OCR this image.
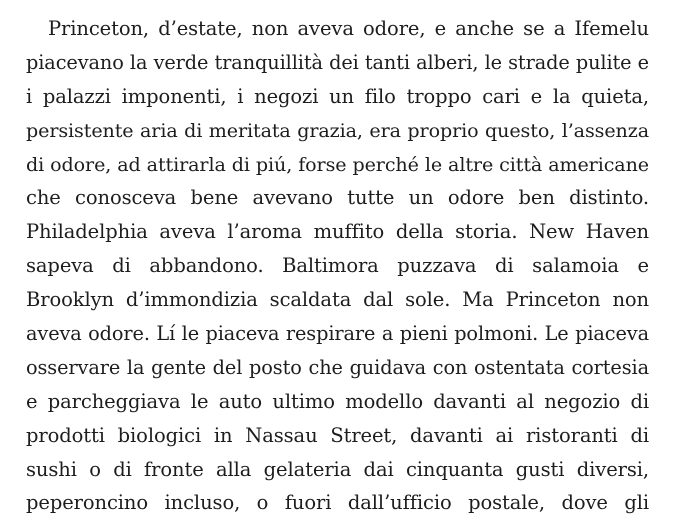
Princeton, d’estate, non aveva odore, e anche se a Ifemelu
piacevano la verde tranquillità dei tanti alberi, le strade pulite e
i palazzi imponenti, i negozi un filo troppo cari e la quieta,
persistente aria di meritata grazia, era proprio questo, l’assenza
di odore, ad attirarla di piú, forse perché le altre città americane
che conosceva bene avevano tutte un odore ben distinto.
Philadelphia aveva l’aroma muffito della storia. New Haven
sapeva di abbandono. Baltimora puzzava di salamoia e
Brooklyn d’immondizia scaldata dal sole. Ma Princeton non
aveva odore. Lí le piaceva respirare a pieni polmoni. Le piaceva
osservare la gente del posto che guidava con ostentata cortesia
e parcheggiava le auto ultimo modello davanti al negozio di
prodotti biologici in Nassau Street, davanti ai ristoranti di
sushi o di fronte alla gelateria dai cinquanta gusti diversi,
peperoncino incluso, o fuori dall’ufficio postale, dove gli
